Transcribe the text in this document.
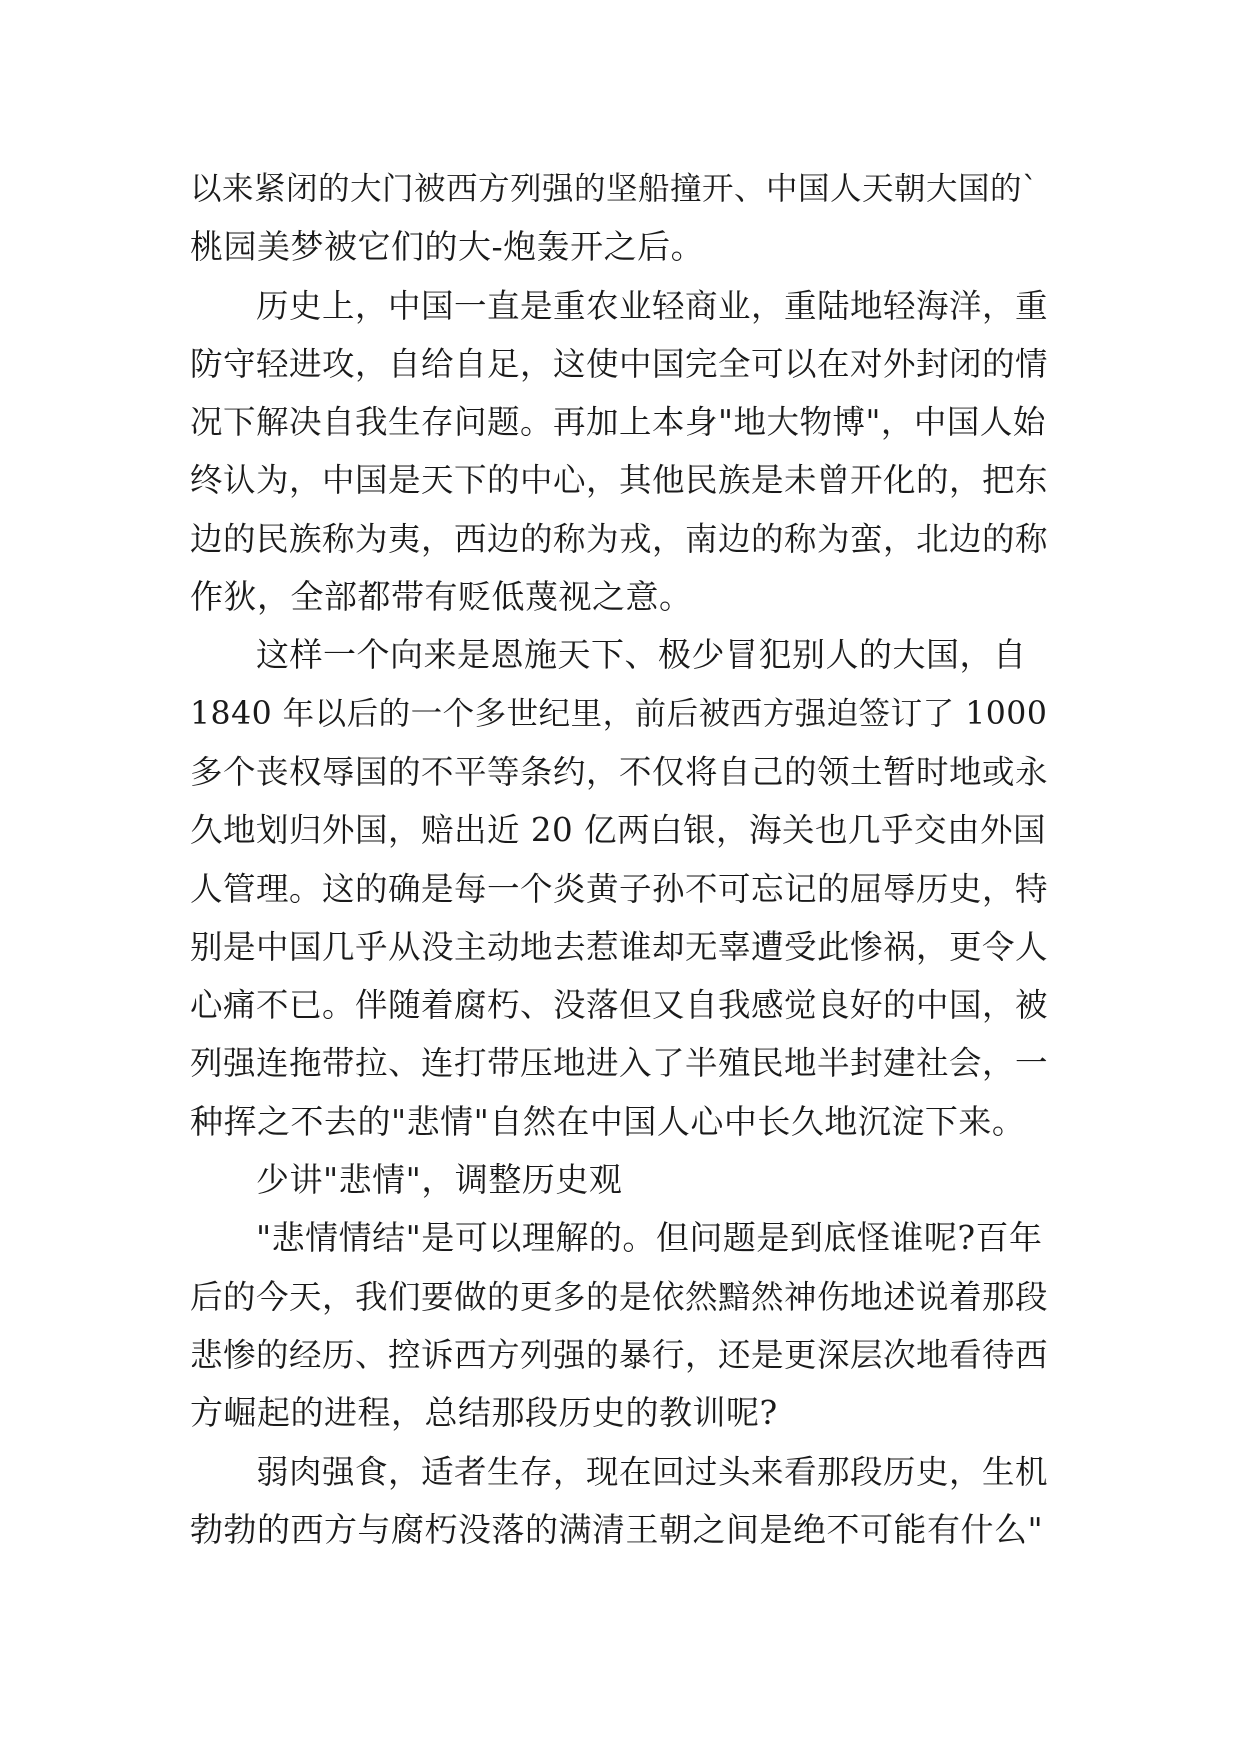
以来紧闭的大门被西方列强的坚船撞开、中国人天朝大国的`
桃园美梦被它们的大-炮轰开之后。
历史上，中国一直是重农业轻商业，重陆地轻海洋，重
防守轻进攻，自给自足，这使中国完全可以在对外封闭的情
况下解决自我生存问题。再加上本身"地大物博"，中国人始
终认为，中国是天下的中心，其他民族是未曾开化的，把东
边的民族称为夷，西边的称为戎，南边的称为蛮，北边的称
作狄，全部都带有贬低蔑视之意。
这样一个向来是恩施天下、极少冒犯别人的大国，自
1840 年以后的一个多世纪里，前后被西方强迫签订了 1000
多个丧权辱国的不平等条约，不仅将自己的领土暂时地或永
久地划归外国，赔出近 20 亿两白银，海关也几乎交由外国
人管理。这的确是每一个炎黄子孙不可忘记的屈辱历史，特
别是中国几乎从没主动地去惹谁却无辜遭受此惨祸，更令人
心痛不已。伴随着腐朽、没落但又自我感觉良好的中国，被
列强连拖带拉、连打带压地进入了半殖民地半封建社会，一
种挥之不去的"悲情"自然在中国人心中长久地沉淀下来。
少讲"悲情"，调整历史观
"悲情情结"是可以理解的。但问题是到底怪谁呢?百年
后的今天，我们要做的更多的是依然黯然神伤地述说着那段
悲惨的经历、控诉西方列强的暴行，还是更深层次地看待西
方崛起的进程，总结那段历史的教训呢?
弱肉强食，适者生存，现在回过头来看那段历史，生机
勃勃的西方与腐朽没落的满清王朝之间是绝不可能有什么"
